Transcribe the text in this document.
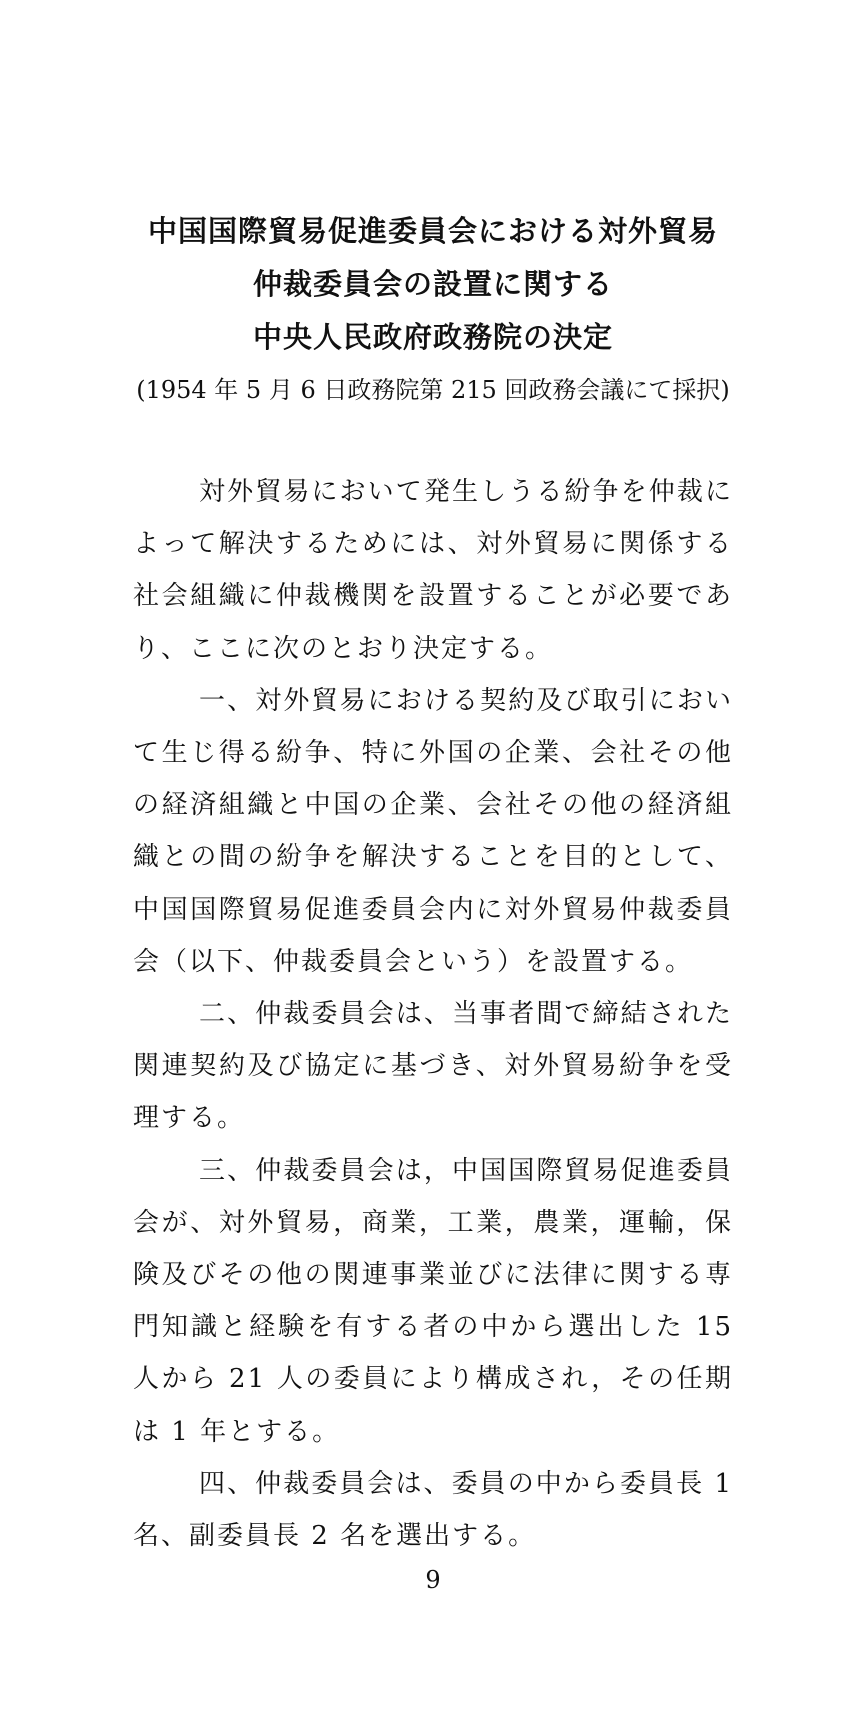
中国国際貿易促進委員会における対外貿易
仲裁委員会の設置に関する
中央人民政府政務院の決定
(1954 年 5 月 6 日政務院第 215 回政務会議にて採択)

対外貿易において発生しうる紛争を仲裁によって解決するためには、対外貿易に関係する社会組織に仲裁機関を設置することが必要であり、ここに次のとおり決定する。

一、対外貿易における契約及び取引において生じ得る紛争、特に外国の企業、会社その他の経済組織と中国の企業、会社その他の経済組織との間の紛争を解決することを目的として、中国国際貿易促進委員会内に対外貿易仲裁委員会（以下、仲裁委員会という）を設置する。

二、仲裁委員会は、当事者間で締結された関連契約及び協定に基づき、対外貿易紛争を受理する。

三、仲裁委員会は，中国国際貿易促進委員会が、対外貿易，商業，工業，農業，運輸，保険及びその他の関連事業並びに法律に関する専門知識と経験を有する者の中から選出した 15 人から 21 人の委員により構成され，その任期は 1 年とする。

四、仲裁委員会は、委員の中から委員長 1 名、副委員長 2 名を選出する。

9
